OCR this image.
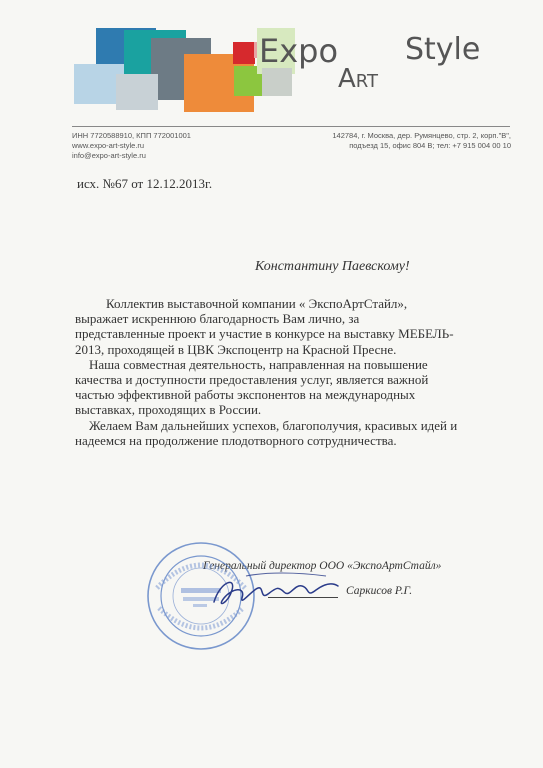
Expo Style
Art
ИНН 7720588910, КПП 772001001
www.expo-art-style.ru
info@expo-art-style.ru
142784, г. Москва, дер. Румянцево, стр. 2, корп."В",
подъезд 15, офис 804 В; тел: +7 915 004 00 10
исх. №67 от 12.12.2013г.
Константину Паевскому!

Коллектив выставочной компании « ЭкспоАртСтайл»,

выражает искреннюю благодарность Вам лично, за

представленные проект и участие в конкурсе на выставку МЕБЕЛЬ-

2013, проходящей в ЦВК Экспоцентр на Красной Пресне.

Наша совместная деятельность, направленная на повышение

качества и доступности предоставления услуг, является важной

частью эффективной работы экспонентов на международных

выставках, проходящих в России.

Желаем Вам дальнейших успехов, благополучия, красивых идей и

надеемся на продолжение плодотворного сотрудничества.

Генеральный директор ООО «ЭкспоАртСтайл»
Саркисов Р.Г.
